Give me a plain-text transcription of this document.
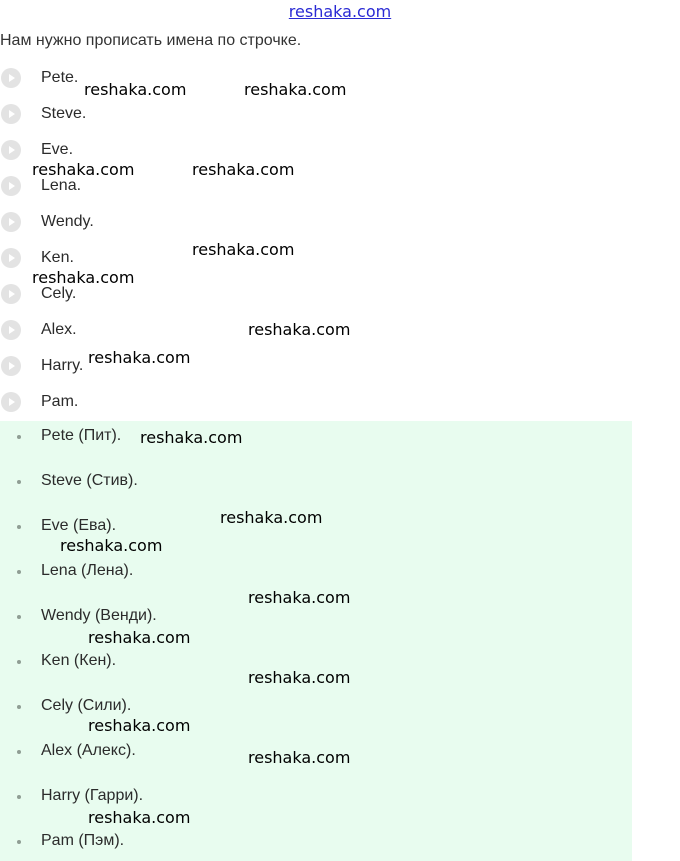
reshaka.com
Нам нужно прописать имена по строчке.
Pete.
Steve.
Eve.
Lena.
Wendy.
Ken.
Cely.
Alex.
Harry.
Pam.
Pete (Пит).
Steve (Стив).
Eve (Ева).
Lena (Лена).
Wendy (Венди).
Ken (Кен).
Cely (Сили).
Alex (Алекс).
Harry (Гарри).
Pam (Пэм).
reshaka.com	reshaka.com
reshaka.com	reshaka.com
reshaka.com
reshaka.com
reshaka.com
reshaka.com
reshaka.com
reshaka.com
reshaka.com
reshaka.com
reshaka.com
reshaka.com
reshaka.com
reshaka.com
reshaka.com
